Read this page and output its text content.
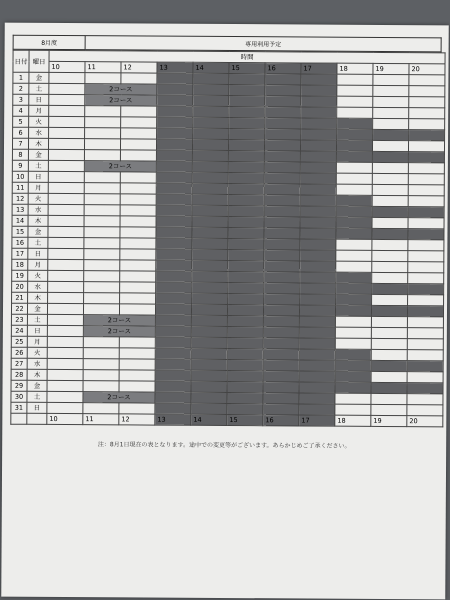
8月度	専用利用予定
日付	曜日	時間										
		10	11	12	13	14	15	16	17	18	19	20
1	金											
2	土		2コース									
3	日		2コース									
4	月											
5	火											
6	水											
7	木											
8	金											
9	土		2コース									
10	日											
11	月											
12	火											
13	水											
14	木											
15	金											
16	土											
17	日											
18	月											
19	火											
20	水											
21	木											
22	金											
23	土		2コース									
24	日		2コース									
25	月											
26	火											
27	水											
28	木											
29	金											
30	土		2コース									
31	日											
		10	11	12	13	14	15	16	17	18	19	20
注：8月1日現在の表となります。途中での変更等がございます。あらかじめご了承ください。
